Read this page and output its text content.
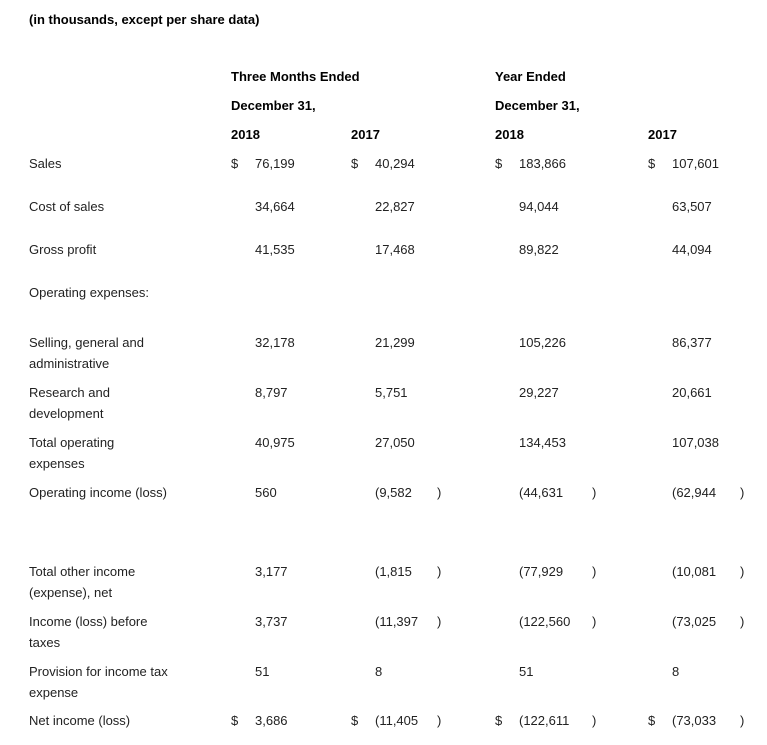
(in thousands, except per share data)
Three Months Ended
December 31,
Year Ended
December 31,
2018	2017	2018	2017
Sales	$ 76,199	$ 40,294	$ 183,866	$ 107,601
Cost of sales	34,664	22,827	94,044	63,507
Gross profit	41,535	17,468	89,822	44,094
Operating expenses:
Selling, general and administrative
32,178	21,299	105,226	86,377
Research and development
8,797	5,751	29,227	20,661
Total operating expenses
40,975	27,050	134,453	107,038
Operating income (loss)	560	(9,582 )	(44,631 )	(62,944 )
Total other income (expense), net
3,177	(1,815 )	(77,929 )	(10,081 )
Income (loss) before taxes
3,737	(11,397 )	(122,560 )	(73,025 )
Provision for income tax expense
51	8	51	8
Net income (loss)	$ 3,686	$ (11,405 )	$ (122,611 )	$ (73,033 )
